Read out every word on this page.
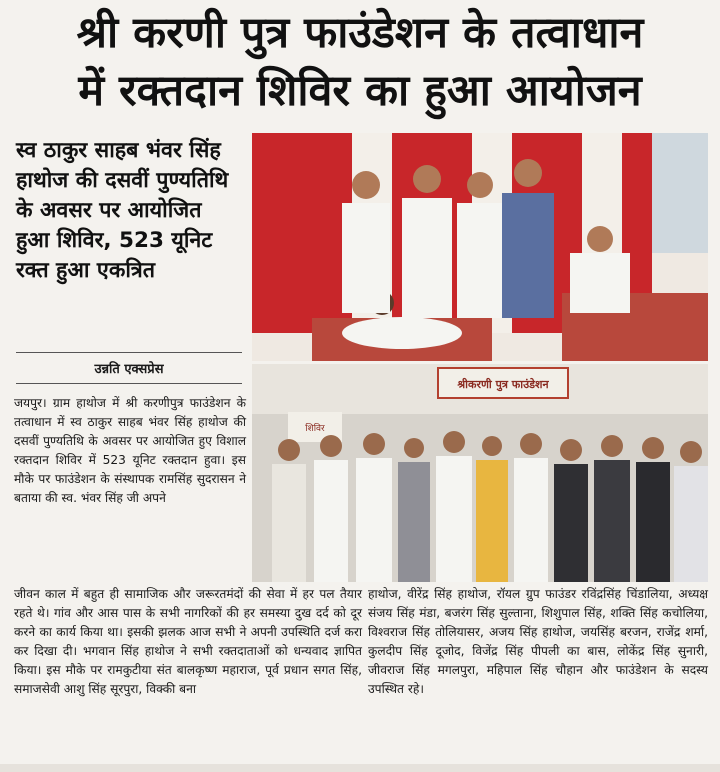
श्री करणी पुत्र फाउंडेशन के तत्वाधान
में रक्तदान शिविर का हुआ आयोजन
स्व ठाकुर साहब भंवर सिंह हाथोज की दसवीं पुण्यतिथि के अवसर पर आयोजित हुआ शिविर, 523 यूनिट रक्त हुआ एकत्रित
उन्नति एक्सप्रेस
श्रीकरणी पुत्र फाउंडेशन
शिविर
जयपुर। ग्राम हाथोज में श्री करणीपुत्र फाउंडेशन के तत्वाधान में स्व ठाकुर साहब भंवर सिंह हाथोज की दसवीं पुण्यतिथि के अवसर पर आयोजित हुए विशाल रक्तदान शिविर में 523 यूनिट रक्तदान हुवा। इस मौके पर फाउंडेशन के संस्थापक रामसिंह सुदरासन ने बताया की स्व. भंवर सिंह जी अपने
जीवन काल में बहुत ही सामाजिक और जरूरतमंदों की सेवा में हर पल तैयार रहते थे। गांव और आस पास के सभी नागरिकों की हर समस्या दुख दर्द को दूर करने का कार्य किया था। इसकी झलक आज सभी ने अपनी उपस्थिति दर्ज करा कर दिखा दी। भगवान सिंह हाथोज ने सभी रक्तदाताओं को धन्यवाद ज्ञापित किया। इस मौके पर रामकुटीया संत बालकृष्ण महाराज, पूर्व प्रधान सगत सिंह, समाजसेवी आशु सिंह सूरपुरा, विक्की बना
हाथोज, वीरेंद्र सिंह हाथोज, रॉयल ग्रुप फाउंडर रविंद्रसिंह चिंडालिया, अध्यक्ष संजय सिंह मंडा, बजरंग सिंह सुल्ताना, शिशुपाल सिंह, शक्ति सिंह कचोलिया, विश्वराज सिंह तोलियासर, अजय सिंह हाथोज, जयसिंह बरजन, राजेंद्र शर्मा, कुलदीप सिंह दूजोद, विजेंद्र सिंह पीपली का बास, लोकेंद्र सिंह सुनारी, जीवराज सिंह मगलपुरा, महिपाल सिंह चौहान और फाउंडेशन के सदस्य उपस्थित रहे।
